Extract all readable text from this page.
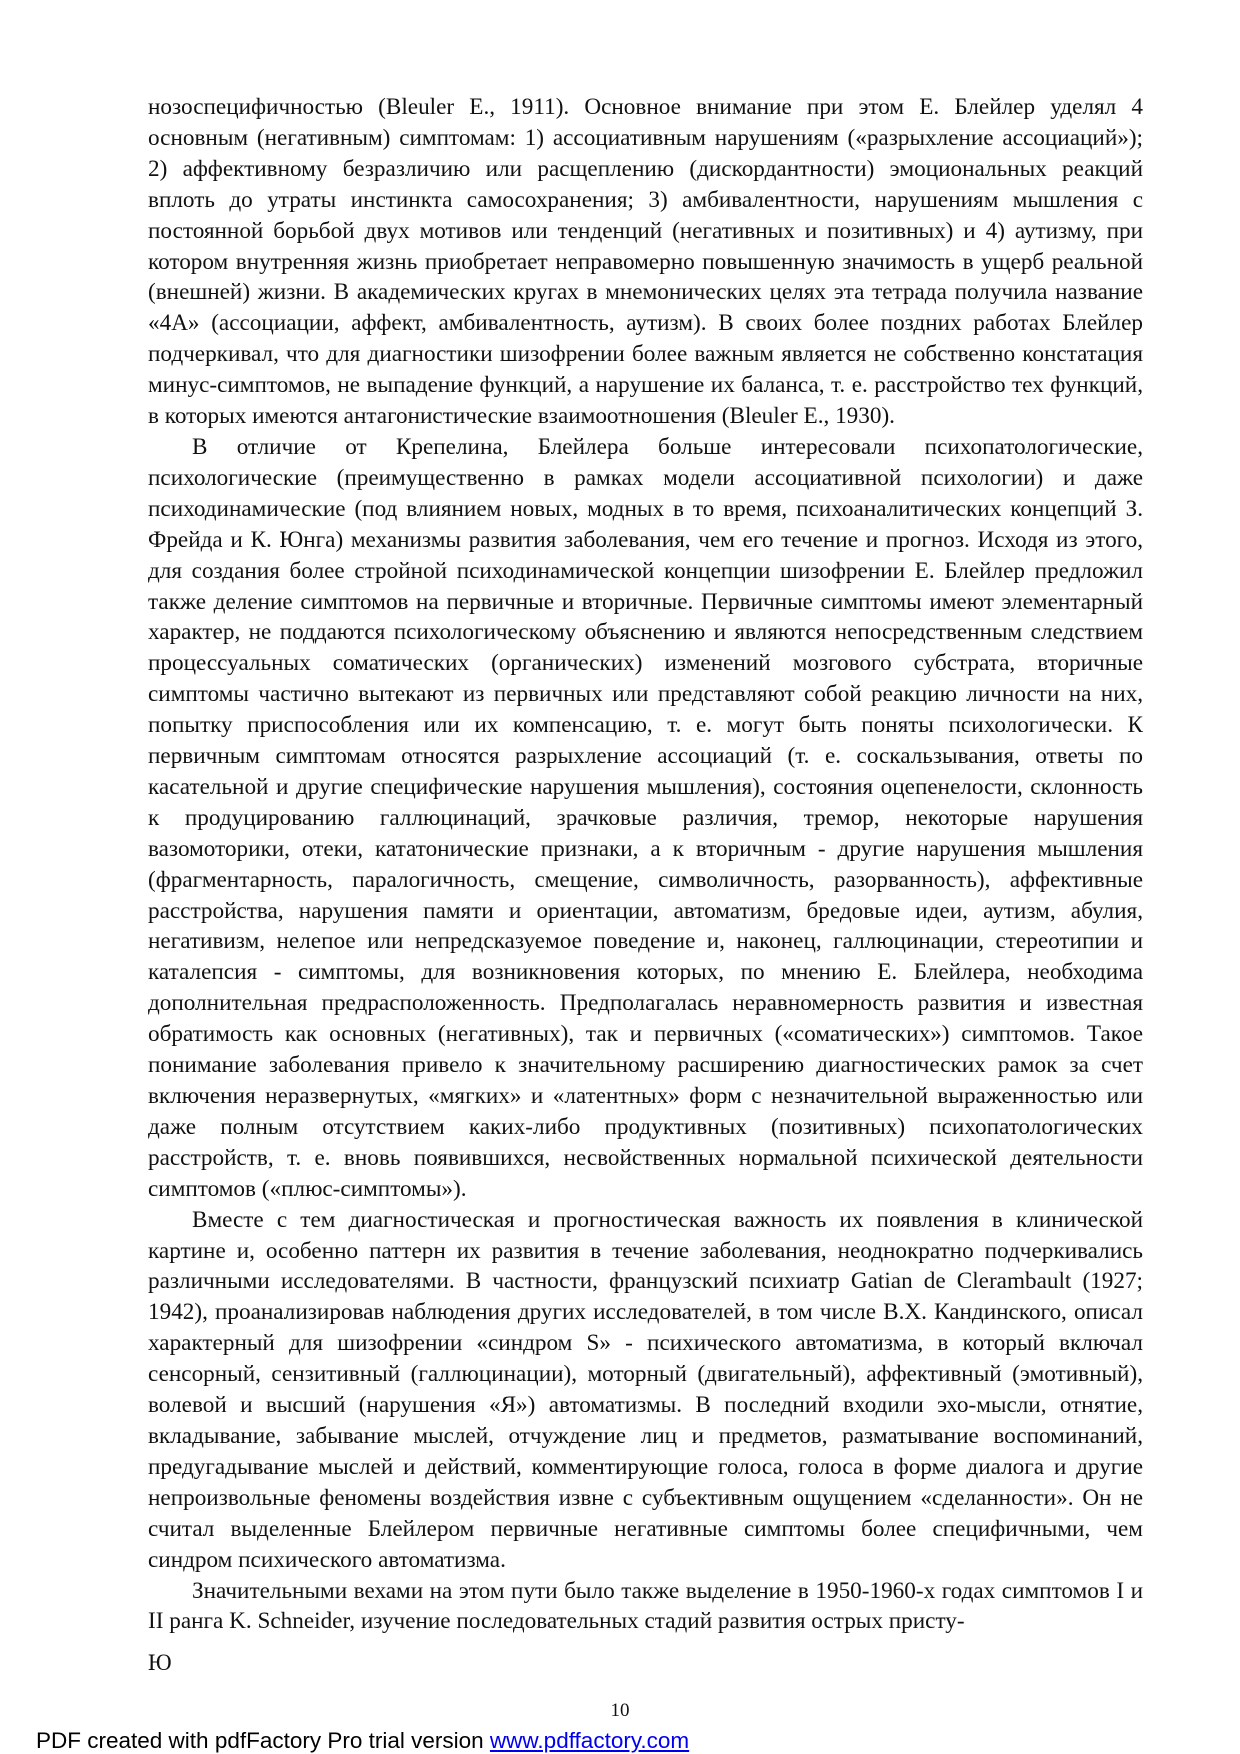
нозоспецифичностью (Bleuler E., 1911). Основное внимание при этом Е. Блейлер уделял 4 основным (негативным) симптомам: 1) ассоциативным нарушениям («разрыхление ассоциаций»); 2) аффективному безразличию или расщеплению (дискордантности) эмоциональных реакций вплоть до утраты инстинкта самосохранения; 3) амбивалентности, нарушениям мышления с постоянной борьбой двух мотивов или тенденций (негативных и позитивных) и 4) аутизму, при котором внутренняя жизнь приобретает неправомерно повышенную значимость в ущерб реальной (внешней) жизни. В академических кругах в мнемонических целях эта тетрада получила название «4А» (ассоциации, аффект, амбивалентность, аутизм). В своих более поздних работах Блейлер подчеркивал, что для диагностики шизофрении более важным является не собственно констатация минус-симптомов, не выпадение функций, а нарушение их баланса, т. е. расстройство тех функций, в которых имеются антагонистические взаимоотношения (Bleuler E., 1930).

В отличие от Крепелина, Блейлера больше интересовали психопатологические, психологические (преимущественно в рамках модели ассоциативной психологии) и даже психодинамические (под влиянием новых, модных в то время, психоаналитических концепций З. Фрейда и К. Юнга) механизмы развития заболевания, чем его течение и прогноз. Исходя из этого, для создания более стройной психодинамической концепции шизофрении Е. Блейлер предложил также деление симптомов на первичные и вторичные. Первичные симптомы имеют элементарный характер, не поддаются психологическому объяснению и являются непосредственным следствием процессуальных соматических (органических) изменений мозгового субстрата, вторичные симптомы частично вытекают из первичных или представляют собой реакцию личности на них, попытку приспособления или их компенсацию, т. е. могут быть поняты психологически. К первичным симптомам относятся разрыхление ассоциаций (т. е. соскальзывания, ответы по касательной и другие специфические нарушения мышления), состояния оцепенелости, склонность к продуцированию галлюцинаций, зрачковые различия, тремор, некоторые нарушения вазомоторики, отеки, кататонические признаки, а к вторичным - другие нарушения мышления (фрагментарность, паралогичность, смещение, символичность, разорванность), аффективные расстройства, нарушения памяти и ориентации, автоматизм, бредовые идеи, аутизм, абулия, негативизм, нелепое или непредсказуемое поведение и, наконец, галлюцинации, стереотипии и каталепсия - симптомы, для возникновения которых, по мнению Е. Блейлера, необходима дополнительная предрасположенность. Предполагалась неравномерность развития и известная обратимость как основных (негативных), так и первичных («соматических») симптомов. Такое понимание заболевания привело к значительному расширению диагностических рамок за счет включения неразвернутых, «мягких» и «латентных» форм с незначительной выраженностью или даже полным отсутствием каких-либо продуктивных (позитивных) психопатологических расстройств, т. е. вновь появившихся, несвойственных нормальной психической деятельности симптомов («плюс-симптомы»).

Вместе с тем диагностическая и прогностическая важность их появления в клинической картине и, особенно паттерн их развития в течение заболевания, неоднократно подчеркивались различными исследователями. В частности, французский психиатр Gatian de Clerambault (1927; 1942), проанализировав наблюдения других исследователей, в том числе В.Х. Кандинского, описал характерный для шизофрении «синдром S» - психического автоматизма, в который включал сенсорный, сензитивный (галлюцинации), моторный (двигательный), аффективный (эмотивный), волевой и высший (нарушения «Я») автоматизмы. В последний входили эхо-мысли, отнятие, вкладывание, забывание мыслей, отчуждение лиц и предметов, разматывание воспоминаний, предугадывание мыслей и действий, комментирующие голоса, голоса в форме диалога и другие непроизвольные феномены воздействия извне с субъективным ощущением «сделанности». Он не считал выделенные Блейлером первичные негативные симптомы более специфичными, чем синдром психического автоматизма.

Значительными вехами на этом пути было также выделение в 1950-1960-х годах симптомов I и II ранга K. Schneider, изучение последовательных стадий развития острых присту-

Ю
10
PDF created with pdfFactory Pro trial version www.pdffactory.com
